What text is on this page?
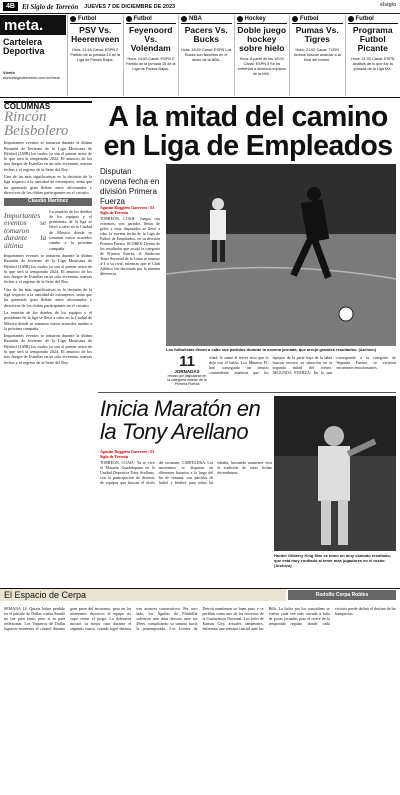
4B	El Siglo de Torreón JUEVES 7 DE DICIEMBRE DE 2023	elsiglo
meta.
Cartelera Deportiva
Vívelo
www.elsiglodetorreon.com.mx/meta
Futbol
PSV Vs. Heerenveen
Hora: 11:45 Canal: ESPN 2 Partido de la jornada 15 de la Liga de Países Bajos.
Futbol
Feyenoord Vs. Volendam
Hora: 14:00 Canal: ESPN 2 Partido de la jornada 15 de la Liga de Países Bajos.
NBA
Pacers Vs. Bucks
Hora: 18:00 Canal: ESPN Los Bucks son favoritos en el duelo de la NBA.
Hockey
Doble juego hockey sobre hielo
Hora: A partir de las 19:00 Canal: ESPN 3 Se va enfrentar a diversos equipos de la NHL.
Futbol
Pumas Vs. Tigres
Hora: 21:00 Canal: TUDN Ambos buscan avanzar a la final del torneo.
Futbol
Programa Futbol Picante
Hora: 21:00 Canal: ESPN Análisis de lo que fue la jornada de la Liga MX.
COLUMNAS
Rincón Beisbolero

Importantes eventos se tomaron durante la última Reunión de Invierno de la Liga Mexicana de Béisbol (LMB) los cuales ya son el primer aviso de lo que será la temporada 2024. El anuncio de los tres Juegos de Estrellas en un solo escenario, nuevas fechas y el regreso de la Serie del Rey.

Una de las más significativas es la decisión de la liga respecto a la cantidad de extranjeros, tema que ha generado gran debate entre aficionados y directivos de los clubes participantes en el circuito.

Claudio Martínez
Importantes eventos se tomaron durante la última

La reunión de los dueños de los equipos y el presidente de la liga se llevó a cabo en la Ciudad de México donde se tomaron varios acuerdos rumbo a la próxima campaña.

Importantes eventos se tomaron durante la última Reunión de Invierno de la Liga Mexicana de Béisbol (LMB) los cuales ya son el primer aviso de lo que será la temporada 2024. El anuncio de los tres Juegos de Estrellas en un solo escenario, nuevas fechas y el regreso de la Serie del Rey.

Una de las más significativas es la decisión de la liga respecto a la cantidad de extranjeros, tema que ha generado gran debate entre aficionados y directivos de los clubes participantes en el circuito.

La reunión de los dueños de los equipos y el presidente de la liga se llevó a cabo en la Ciudad de México donde se tomaron varios acuerdos rumbo a la próxima campaña.

Importantes eventos se tomaron durante la última Reunión de Invierno de la Liga Mexicana de Béisbol (LMB) los cuales ya son el primer aviso de lo que será la temporada 2024. El anuncio de los tres Juegos de Estrellas en un solo escenario, nuevas fechas y el regreso de la Serie del Rey.

A la mitad del camino en Liga de Empleados
Disputan novena fecha en división Primera Fuerza
Agustín Ruggiero Guerrero / El Siglo de Torreón
TORREÓN, COAH.- Juegos con extremos, con partidos llenos de goles y muy disputados se llevó a cabo la novena fecha de la Liga de Futbol de Empleados, en su división Primera Fuerza. SCORES: Dentro de los resultados que arrojó la categoría de Primera Fuerza, el Sindicato Tiene Sucursal de la Loma se impuso 4-1 a su rival, mientras que el Club Atlético fue derrotado por la mínima diferencia.
Los futbolistas llevan a cabo sus partidos durante la novena jornada, que arrojó grandes resultados. (Archivo)
11
JORNADAS
restan por disputarse en la categoría estelar de la Primera Fuerza
ridad, le sumó el tercer sitio que lo deja con el balón. Los Mineros FC han conseguido un triunfo contundente, mientras que los equipos de la parte baja de la tabla buscan revertir su situación en la segunda mitad del torneo. SEGUNDA FUERZA: En la que corresponde a la categoría de Segunda Fuerza, se vivieron encuentros emocionantes.
Inicia Maratón en la Tony Arellano
Agustín Ruggiero Guerrero / El Siglo de Torreón
TORREÓN, COAH.- Ya se vive el Maratón Guadalupano en la Unidad Deportiva Tony Arellano, con la participación de decenas de equipos que buscan el título del certamen. CARTELERA: Los encuentros se disputan en diferentes horarios a lo largo del fin de semana, con partidos de futbol y béisbol para todas las edades, buscando mantener viva la tradición de estas fechas decembrinas.
Hunter Gilberry King Star se tomo un muy cómodo resultado, que está muy confiado al tener más jugadores en el roster. (Archivo)
El Espacio de Cerpa	Rodolfo Cerpa Robles
SEMANA 14: Quizás haber perdido en el partido de Dallas contra Seattle no fue para tanto, pero si es para reflexionar. Los Vaqueros de Dallas lograron mantener el control durante gran parte del encuentro, pero en los momentos decisivos el equipo no supo cerrar el juego. La defensiva mostró su mejor cara durante el segundo cuarto, cuando logró detener tres avances consecutivos. Por otro lado, los Águilas de Filadelfia sufrieron una dura derrota ante los 49ers, complicando su camino hacia la postemporada. Los Leones de Detroit mantienen su buen paso y se perfilan como uno de los favoritos de la Conferencia Nacional. Los Jefes de Kansas City, actuales campeones, enfrentan una semana crucial ante los Bills. La lucha por los comodines se vuelve cada vez más cerrada a falta de pocas jornadas para el cierre de la temporada regular, donde cada victoria puede definir el destino de las franquicias.
